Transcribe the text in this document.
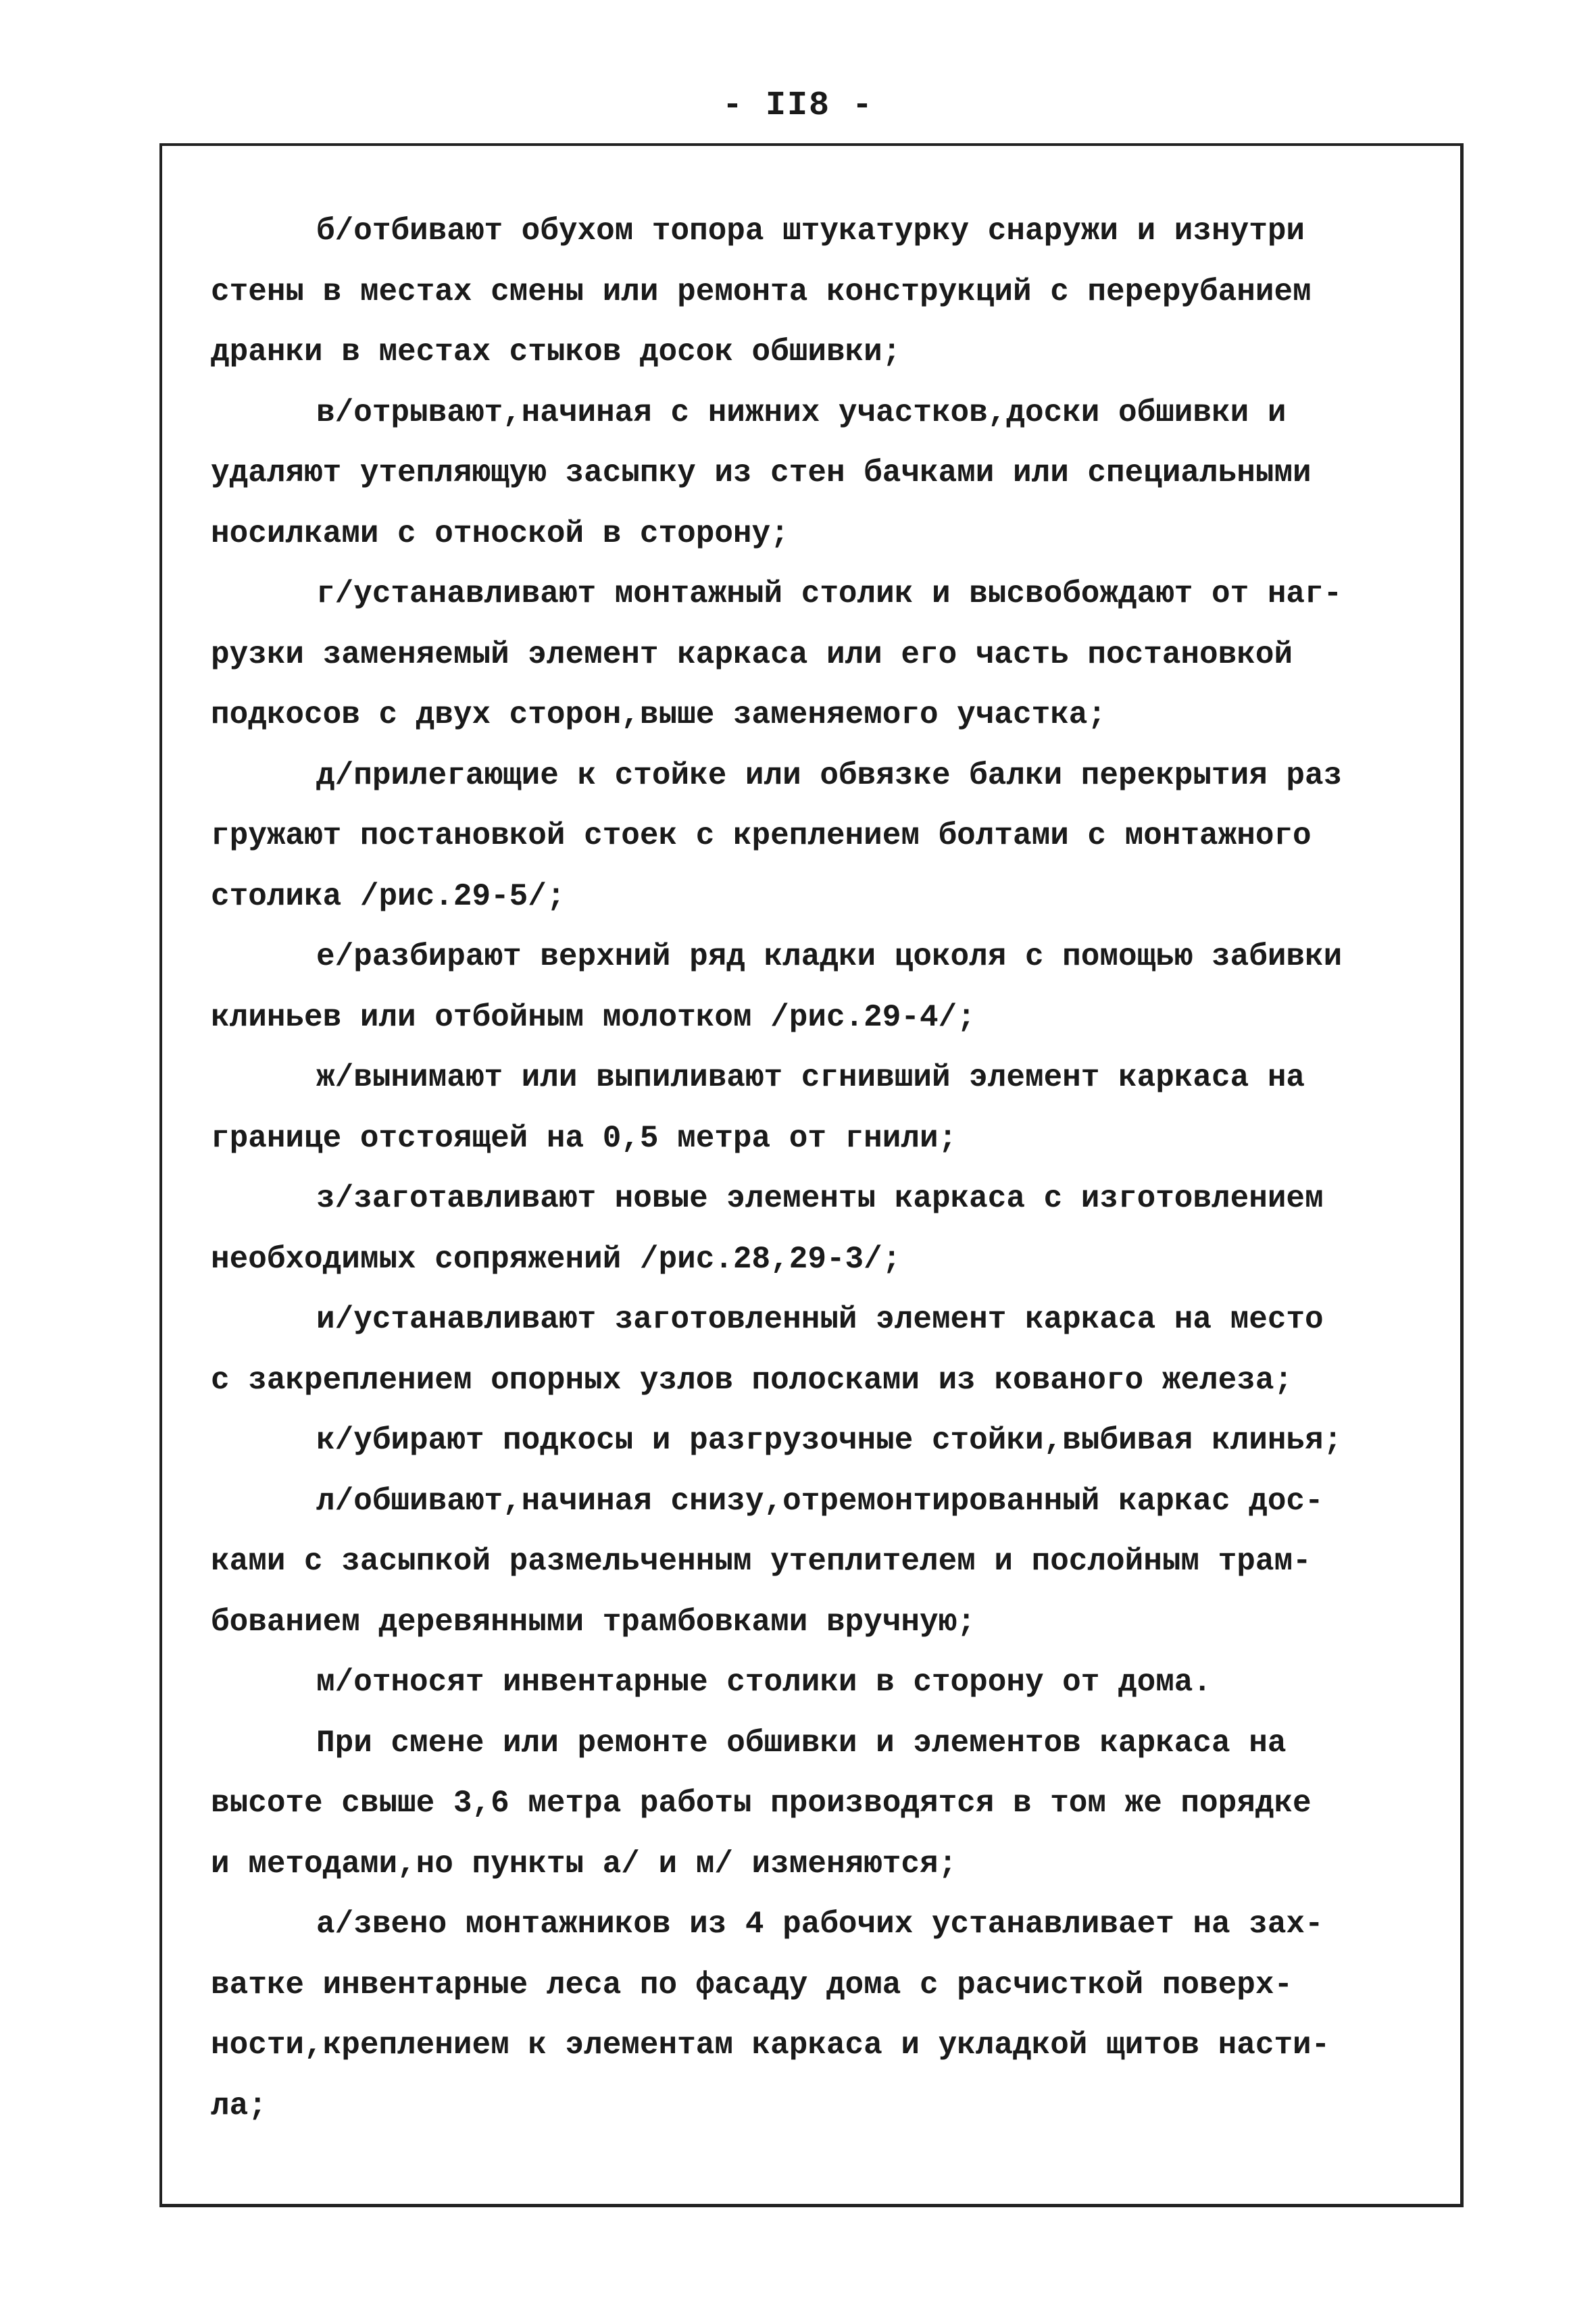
- II8 -
б/отбивают обухом топора штукатурку снаружи и изнутри
стены в местах смены или ремонта конструкций с перерубанием
дранки в местах стыков досок обшивки;
в/отрывают,начиная с нижних участков,доски обшивки и
удаляют утепляющую засыпку из стен бачками или специальными
носилками с отноской в сторону;
г/устанавливают монтажный столик и высвобождают от наг-
рузки заменяемый элемент каркаса или его часть постановкой
подкосов с двух сторон,выше заменяемого участка;
д/прилегающие к стойке или обвязке балки перекрытия раз
гружают постановкой стоек с креплением болтами с монтажного
столика /рис.29-5/;
е/разбирают верхний ряд кладки цоколя с помощью забивки
клиньев или отбойным молотком /рис.29-4/;
ж/вынимают или выпиливают сгнивший элемент каркаса на
границе отстоящей на 0,5 метра от гнили;
з/заготавливают новые элементы каркаса с изготовлением
необходимых сопряжений /рис.28,29-3/;
и/устанавливают заготовленный элемент каркаса на место
с закреплением опорных узлов полосками из кованого железа;
к/убирают подкосы и разгрузочные стойки,выбивая клинья;
л/обшивают,начиная снизу,отремонтированный каркас дос-
ками с засыпкой размельченным утеплителем и послойным трам-
бованием деревянными трамбовками вручную;
м/относят инвентарные столики в сторону от дома.
При смене или ремонте обшивки и элементов каркаса на
высоте свыше 3,6 метра работы производятся в том же порядке
и методами,но пункты а/ и м/ изменяются;
а/звено монтажников из 4 рабочих устанавливает на зах-
ватке инвентарные леса по фасаду дома с расчисткой поверх-
ности,креплением к элементам каркаса и укладкой щитов насти-
ла;
